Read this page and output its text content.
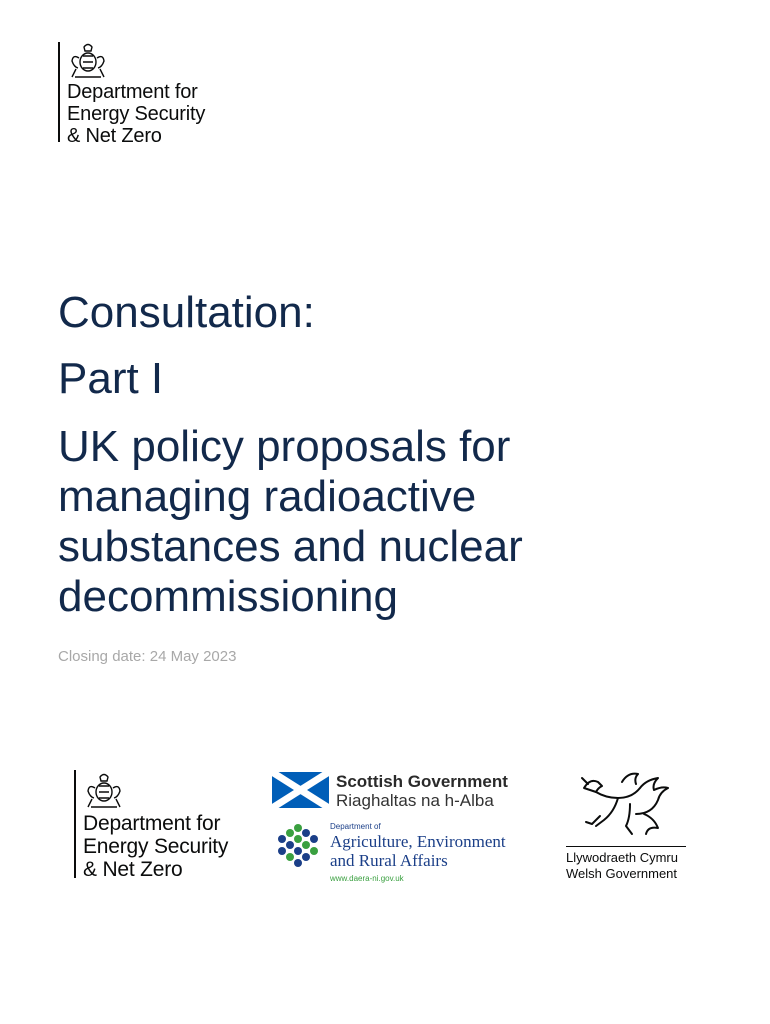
Department for
Energy Security
& Net Zero
Consultation:
Part I
UK policy proposals for
managing radioactive
substances and nuclear
decommissioning
Closing date: 24 May 2023
Department for
Energy Security
& Net Zero
Scottish Government
Riaghaltas na h-Alba
Department of
Agriculture, Environment
and Rural Affairs
www.daera-ni.gov.uk
Llywodraeth Cymru
Welsh Government
